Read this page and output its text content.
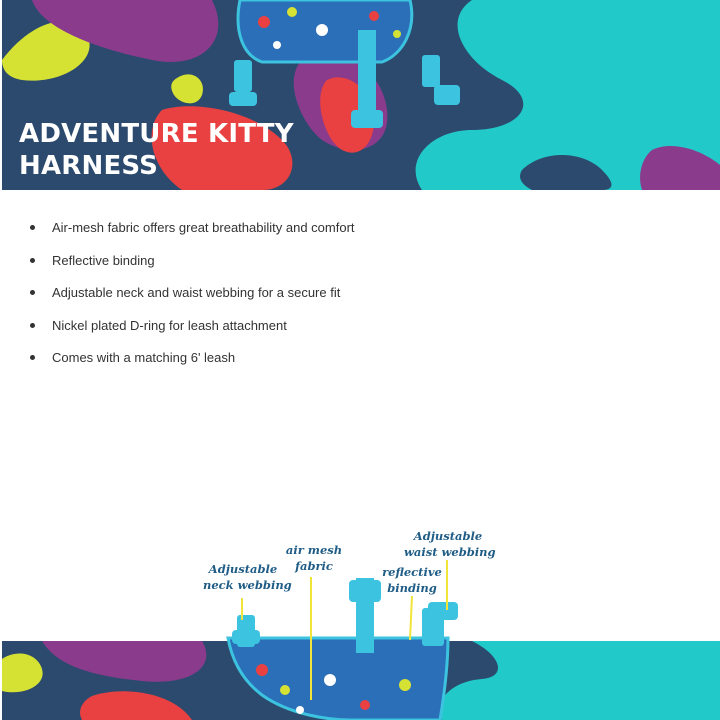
ADVENTURE KITTY
HARNESS
Air-mesh fabric offers great breathability and comfort
Reflective binding
Adjustable neck and waist webbing for a secure fit
Nickel plated D-ring for leash attachment
Comes with a matching 6' leash
Adjustable
neck webbing
air mesh
fabric	reflective
binding
Adjustable
waist webbing
